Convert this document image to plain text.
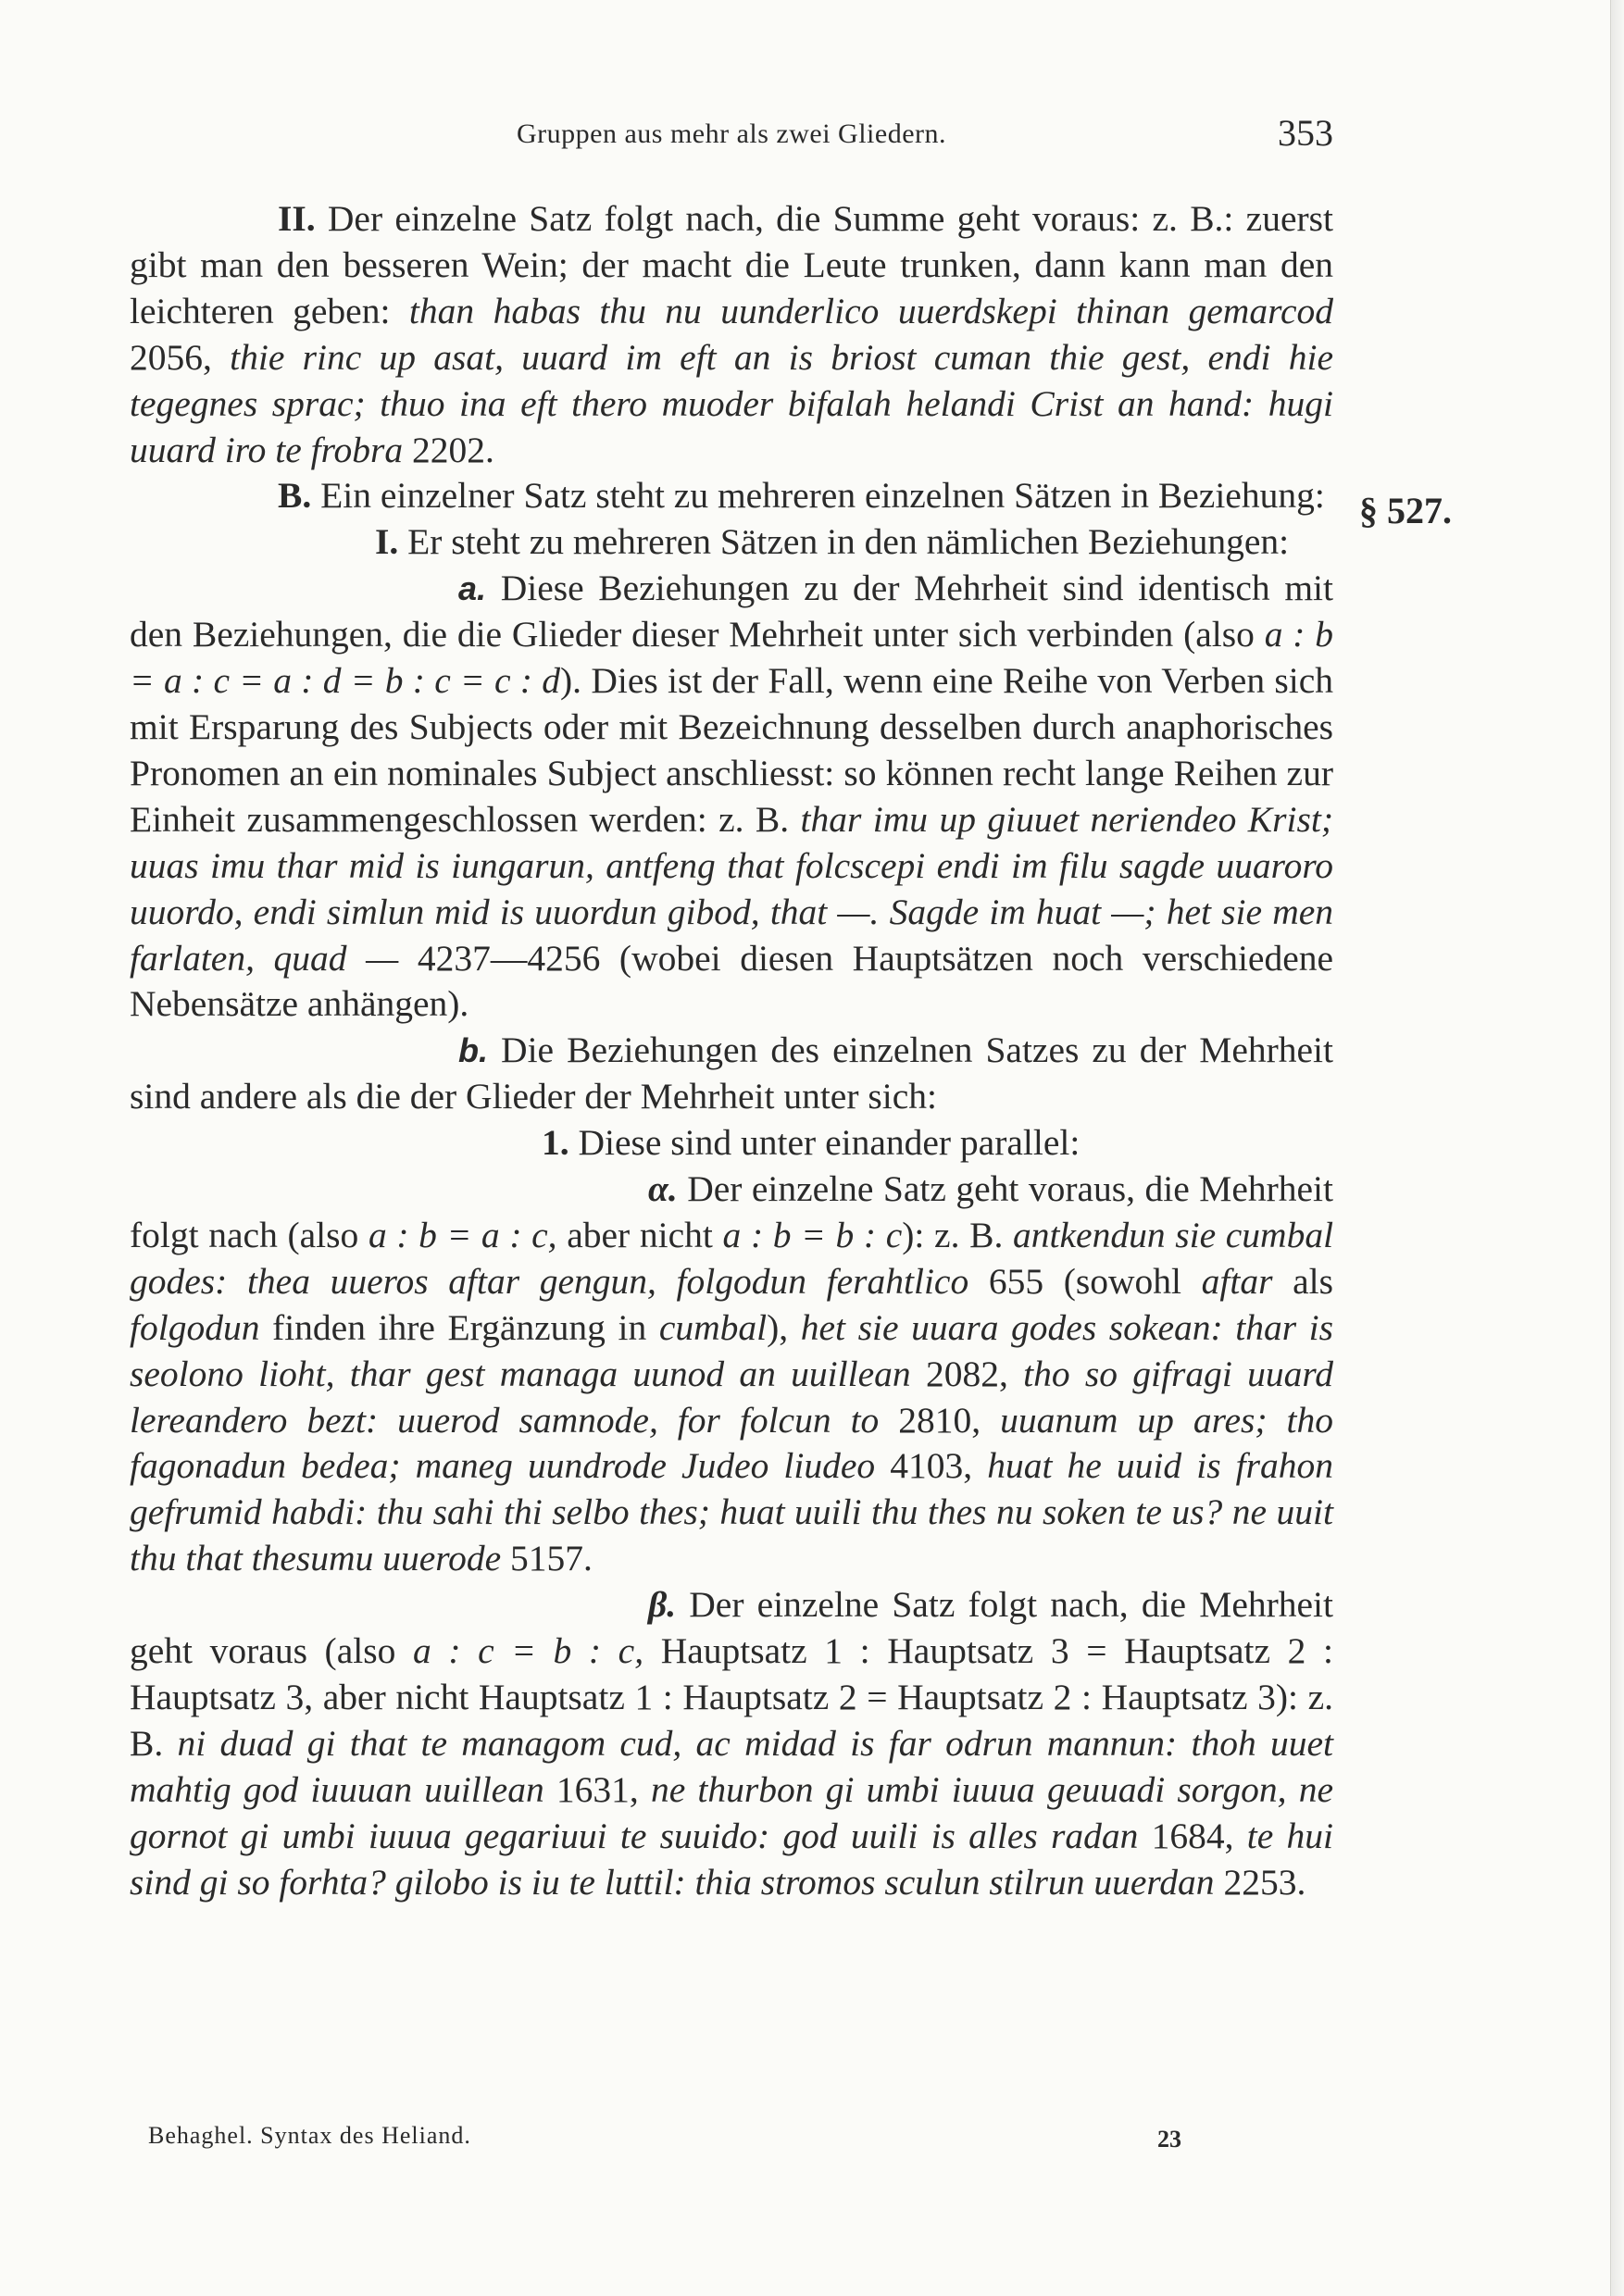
Gruppen aus mehr als zwei Gliedern.	353
§ 527.

II. Der einzelne Satz folgt nach, die Summe geht voraus: z. B.: zuerst gibt man den besseren Wein; der macht die Leute trunken, dann kann man den leichteren geben: than habas thu nu uunderlico uuerdskepi thinan gemarcod 2056, thie rinc up asat, uuard im eft an is briost cuman thie gest, endi hie tegegnes sprac; thuo ina eft thero muoder bifalah helandi Crist an hand: hugi uuard iro te frobra 2202.

B. Ein einzelner Satz steht zu mehreren einzelnen Sätzen in Beziehung:

I. Er steht zu mehreren Sätzen in den nämlichen Beziehungen:

a. Diese Beziehungen zu der Mehrheit sind identisch mit den Beziehungen, die die Glieder dieser Mehrheit unter sich verbinden (also a : b = a : c = a : d = b : c = c : d). Dies ist der Fall, wenn eine Reihe von Verben sich mit Ersparung des Subjects oder mit Bezeichnung desselben durch anaphorisches Pronomen an ein nominales Subject anschliesst: so können recht lange Reihen zur Einheit zusammengeschlossen werden: z. B. thar imu up giuuet neriendeo Krist; uuas imu thar mid is iungarun, antfeng that folcscepi endi im filu sagde uuaroro uuordo, endi simlun mid is uuordun gibod, that —. Sagde im huat —; het sie men farlaten, quad — 4237—4256 (wobei diesen Hauptsätzen noch verschiedene Nebensätze anhängen).

b. Die Beziehungen des einzelnen Satzes zu der Mehrheit sind andere als die der Glieder der Mehrheit unter sich:

1. Diese sind unter einander parallel:

α. Der einzelne Satz geht voraus, die Mehrheit folgt nach (also a : b = a : c, aber nicht a : b = b : c): z. B. antkendun sie cumbal godes: thea uueros aftar gengun, folgodun ferahtlico 655 (sowohl aftar als folgodun finden ihre Ergänzung in cumbal), het sie uuara godes sokean: thar is seolono lioht, thar gest managa uunod an uuillean 2082, tho so gifragi uuard lereandero bezt: uuerod samnode, for folcun to 2810, uuanum up ares; tho fagonadun bedea; maneg uundrode Judeo liudeo 4103, huat he uuid is frahon gefrumid habdi: thu sahi thi selbo thes; huat uuili thu thes nu soken te us? ne uuit thu that thesumu uuerode 5157.

β. Der einzelne Satz folgt nach, die Mehrheit geht voraus (also a : c = b : c, Hauptsatz 1 : Hauptsatz 3 = Hauptsatz 2 : Hauptsatz 3, aber nicht Hauptsatz 1 : Hauptsatz 2 = Hauptsatz 2 : Hauptsatz 3): z. B. ni duad gi that te managom cud, ac midad is far odrun mannun: thoh uuet mahtig god iuuuan uuillean 1631, ne thurbon gi umbi iuuua geuuadi sorgon, ne gornot gi umbi iuuua gegariuui te suuido: god uuili is alles radan 1684, te hui sind gi so forhta? gilobo is iu te luttil: thia stromos sculun stilrun uuerdan 2253.

Behaghel. Syntax des Heliand.	23
